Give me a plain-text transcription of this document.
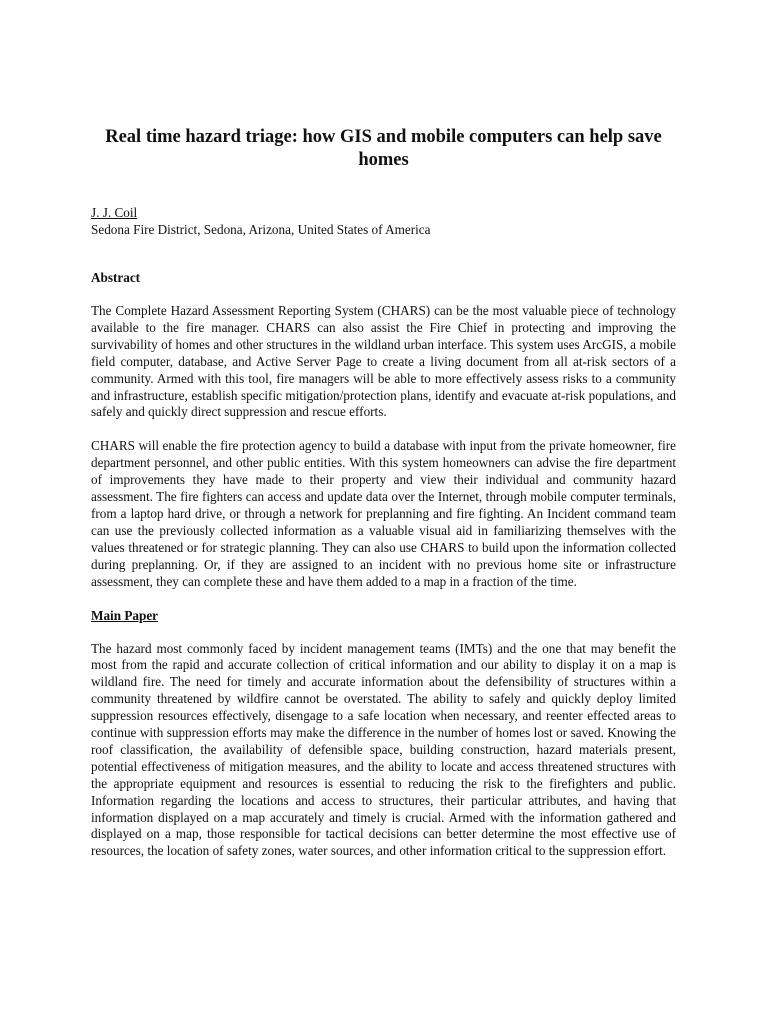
Real time hazard triage: how GIS and mobile computers can help save homes
J. J. Coil
Sedona Fire District, Sedona, Arizona, United States of America
Abstract

The Complete Hazard Assessment Reporting System (CHARS) can be the most valuable piece of technology available to the fire manager. CHARS can also assist the Fire Chief in protecting and improving the survivability of homes and other structures in the wildland urban interface. This system uses ArcGIS, a mobile field computer, database, and Active Server Page to create a living document from all at-risk sectors of a community. Armed with this tool, fire managers will be able to more effectively assess risks to a community and infrastructure, establish specific mitigation/protection plans, identify and evacuate at-risk populations, and safely and quickly direct suppression and rescue efforts.

CHARS will enable the fire protection agency to build a database with input from the private homeowner, fire department personnel, and other public entities. With this system homeowners can advise the fire department of improvements they have made to their property and view their individual and community hazard assessment. The fire fighters can access and update data over the Internet, through mobile computer terminals, from a laptop hard drive, or through a network for preplanning and fire fighting. An Incident command team can use the previously collected information as a valuable visual aid in familiarizing themselves with the values threatened or for strategic planning. They can also use CHARS to build upon the information collected during preplanning. Or, if they are assigned to an incident with no previous home site or infrastructure assessment, they can complete these and have them added to a map in a fraction of the time.

Main Paper

The hazard most commonly faced by incident management teams (IMTs) and the one that may benefit the most from the rapid and accurate collection of critical information and our ability to display it on a map is wildland fire. The need for timely and accurate information about the defensibility of structures within a community threatened by wildfire cannot be overstated. The ability to safely and quickly deploy limited suppression resources effectively, disengage to a safe location when necessary, and reenter effected areas to continue with suppression efforts may make the difference in the number of homes lost or saved. Knowing the roof classification, the availability of defensible space, building construction, hazard materials present, potential effectiveness of mitigation measures, and the ability to locate and access threatened structures with the appropriate equipment and resources is essential to reducing the risk to the firefighters and public. Information regarding the locations and access to structures, their particular attributes, and having that information displayed on a map accurately and timely is crucial. Armed with the information gathered and displayed on a map, those responsible for tactical decisions can better determine the most effective use of resources, the location of safety zones, water sources, and other information critical to the suppression effort.
